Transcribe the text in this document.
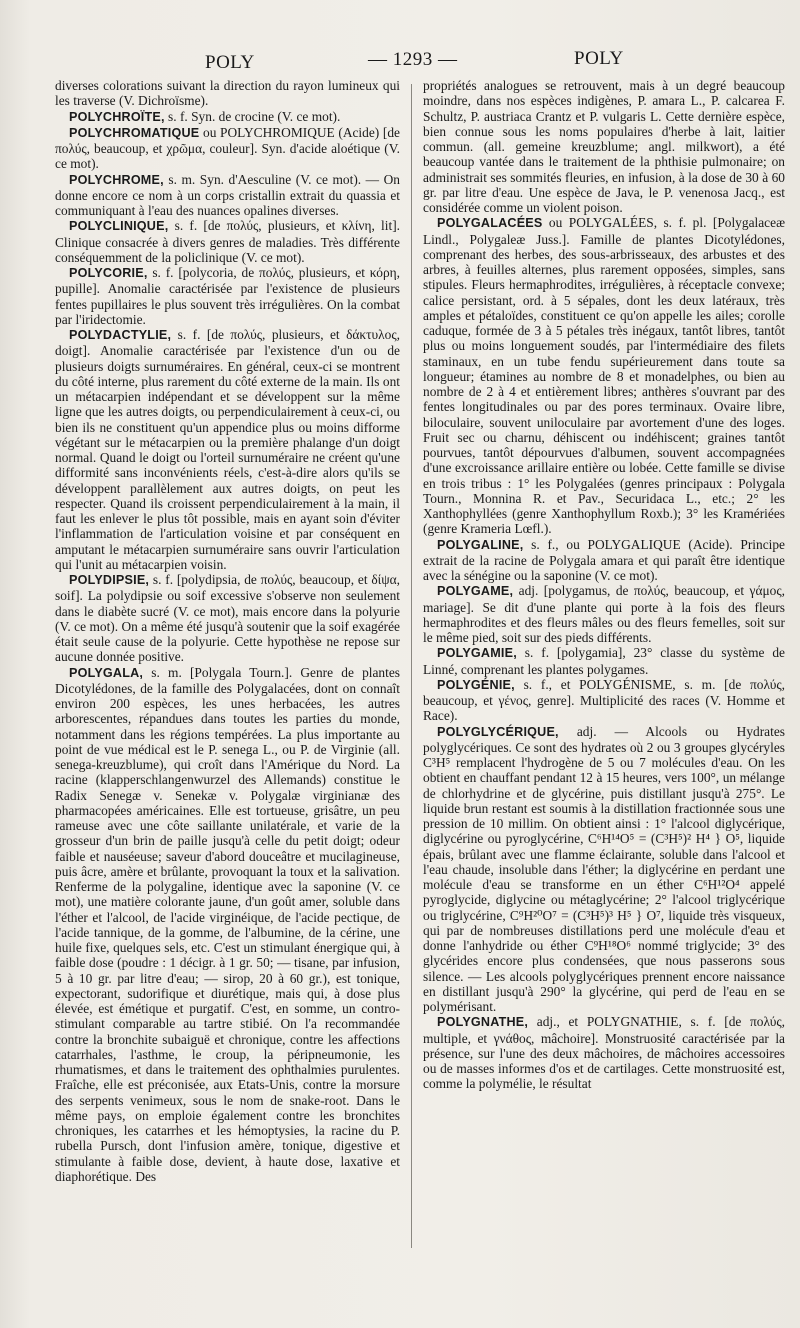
POLY	— 1293 —	POLY

diverses colorations suivant la direction du rayon lumineux qui les traverse (V. Dichroïsme).

POLYCHROÏTE, s. f. Syn. de crocine (V. ce mot).

POLYCHROMATIQUE ou POLYCHROMIQUE (Acide) [de πολύς, beaucoup, et χρῶμα, couleur]. Syn. d'acide aloétique (V. ce mot).

POLYCHROME, s. m. Syn. d'Aesculine (V. ce mot). — On donne encore ce nom à un corps cristallin extrait du quassia et communiquant à l'eau des nuances opalines diverses.

POLYCLINIQUE, s. f. [de πολύς, plusieurs, et κλίνη, lit]. Clinique consacrée à divers genres de maladies. Très différente conséquemment de la policlinique (V. ce mot).

POLYCORIE, s. f. [polycoria, de πολύς, plusieurs, et κόρη, pupille]. Anomalie caractérisée par l'existence de plusieurs fentes pupillaires le plus souvent très irrégulières. On la combat par l'iridectomie.

POLYDACTYLIE, s. f. [de πολύς, plusieurs, et δάκτυλος, doigt]. Anomalie caractérisée par l'existence d'un ou de plusieurs doigts surnuméraires. En général, ceux-ci se montrent du côté interne, plus rarement du côté externe de la main. Ils ont un métacarpien indépendant et se développent sur la même ligne que les autres doigts, ou perpendiculairement à ceux-ci, ou bien ils ne constituent qu'un appendice plus ou moins difforme végétant sur le métacarpien ou la première phalange d'un doigt normal. Quand le doigt ou l'orteil surnuméraire ne créent qu'une difformité sans inconvénients réels, c'est-à-dire alors qu'ils se développent parallèlement aux autres doigts, on peut les respecter. Quand ils croissent perpendiculairement à la main, il faut les enlever le plus tôt possible, mais en ayant soin d'éviter l'inflammation de l'articulation voisine et par conséquent en amputant le métacarpien surnuméraire sans ouvrir l'articulation qui l'unit au métacarpien voisin.

POLYDIPSIE, s. f. [polydipsia, de πολύς, beaucoup, et δίψα, soif]. La polydipsie ou soif excessive s'observe non seulement dans le diabète sucré (V. ce mot), mais encore dans la polyurie (V. ce mot). On a même été jusqu'à soutenir que la soif exagérée était seule cause de la polyurie. Cette hypothèse ne repose sur aucune donnée positive.

POLYGALA, s. m. [Polygala Tourn.]. Genre de plantes Dicotylédones, de la famille des Polygalacées, dont on connaît environ 200 espèces, les unes herbacées, les autres arborescentes, répandues dans toutes les parties du monde, notamment dans les régions tempérées. La plus importante au point de vue médical est le P. senega L., ou P. de Virginie (all. senega-kreuzblume), qui croît dans l'Amérique du Nord. La racine (klapperschlangenwurzel des Allemands) constitue le Radix Senegæ v. Senekæ v. Polygalæ virginianæ des pharmacopées américaines. Elle est tortueuse, grisâtre, un peu rameuse avec une côte saillante unilatérale, et varie de la grosseur d'un brin de paille jusqu'à celle du petit doigt; odeur faible et nauséeuse; saveur d'abord douceâtre et mucilagineuse, puis âcre, amère et brûlante, provoquant la toux et la salivation. Renferme de la polygaline, identique avec la saponine (V. ce mot), une matière colorante jaune, d'un goût amer, soluble dans l'éther et l'alcool, de l'acide virginéique, de l'acide pectique, de l'acide tannique, de la gomme, de l'albumine, de la cérine, une huile fixe, quelques sels, etc. C'est un stimulant énergique qui, à faible dose (poudre : 1 décigr. à 1 gr. 50; — tisane, par infusion, 5 à 10 gr. par litre d'eau; — sirop, 20 à 60 gr.), est tonique, expectorant, sudorifique et diurétique, mais qui, à dose plus élevée, est émétique et purgatif. C'est, en somme, un contro-stimulant comparable au tartre stibié. On l'a recommandée contre la bronchite subaiguë et chronique, contre les affections catarrhales, l'asthme, le croup, la péripneumonie, les rhumatismes, et dans le traitement des ophthalmies purulentes. Fraîche, elle est préconisée, aux Etats-Unis, contre la morsure des serpents venimeux, sous le nom de snake-root. Dans le même pays, on emploie également contre les bronchites chroniques, les catarrhes et les hémoptysies, la racine du P. rubella Pursch, dont l'infusion amère, tonique, digestive et stimulante à faible dose, devient, à haute dose, laxative et diaphorétique. Des

propriétés analogues se retrouvent, mais à un degré beaucoup moindre, dans nos espèces indigènes, P. amara L., P. calcarea F. Schultz, P. austriaca Crantz et P. vulgaris L. Cette dernière espèce, bien connue sous les noms populaires d'herbe à lait, laitier commun. (all. gemeine kreuzblume; angl. milkwort), a été beaucoup vantée dans le traitement de la phthisie pulmonaire; on administrait ses sommités fleuries, en infusion, à la dose de 30 à 60 gr. par litre d'eau. Une espèce de Java, le P. venenosa Jacq., est considérée comme un violent poison.

POLYGALACÉES ou POLYGALÉES, s. f. pl. [Polygalaceæ Lindl., Polygaleæ Juss.]. Famille de plantes Dicotylédones, comprenant des herbes, des sous-arbrisseaux, des arbustes et des arbres, à feuilles alternes, plus rarement opposées, simples, sans stipules. Fleurs hermaphrodites, irrégulières, à réceptacle convexe; calice persistant, ord. à 5 sépales, dont les deux latéraux, très amples et pétaloïdes, constituent ce qu'on appelle les ailes; corolle caduque, formée de 3 à 5 pétales très inégaux, tantôt libres, tantôt plus ou moins longuement soudés, par l'intermédiaire des filets staminaux, en un tube fendu supérieurement dans toute sa longueur; étamines au nombre de 8 et monadelphes, ou bien au nombre de 2 à 4 et entièrement libres; anthères s'ouvrant par des fentes longitudinales ou par des pores terminaux. Ovaire libre, biloculaire, souvent uniloculaire par avortement d'une des loges. Fruit sec ou charnu, déhiscent ou indéhiscent; graines tantôt pourvues, tantôt dépourvues d'albumen, souvent accompagnées d'une excroissance arillaire entière ou lobée. Cette famille se divise en trois tribus : 1° les Polygalées (genres principaux : Polygala Tourn., Monnina R. et Pav., Securidaca L., etc.; 2° les Xanthophyllées (genre Xanthophyllum Roxb.); 3° les Kramériées (genre Krameria Lœfl.).

POLYGALINE, s. f., ou POLYGALIQUE (Acide). Principe extrait de la racine de Polygala amara et qui paraît être identique avec la sénégine ou la saponine (V. ce mot).

POLYGAME, adj. [polygamus, de πολύς, beaucoup, et γάμος, mariage]. Se dit d'une plante qui porte à la fois des fleurs hermaphrodites et des fleurs mâles ou des fleurs femelles, soit sur le même pied, soit sur des pieds différents.

POLYGAMIE, s. f. [polygamia], 23° classe du système de Linné, comprenant les plantes polygames.

POLYGÉNIE, s. f., et POLYGÉNISME, s. m. [de πολύς, beaucoup, et γένος, genre]. Multiplicité des races (V. Homme et Race).

POLYGLYCÉRIQUE, adj. — Alcools ou Hydrates polyglycériques. Ce sont des hydrates où 2 ou 3 groupes glycéryles C³H⁵ remplacent l'hydrogène de 5 ou 7 molécules d'eau. On les obtient en chauffant pendant 12 à 15 heures, vers 100°, un mélange de chlorhydrine et de glycérine, puis distillant jusqu'à 275°. Le liquide brun restant est soumis à la distillation fractionnée sous une pression de 10 millim. On obtient ainsi : 1° l'alcool diglycérique, diglycérine ou pyroglycérine, C⁶H¹⁴O⁵ = (C³H⁵)² H⁴ } O⁵, liquide épais, brûlant avec une flamme éclairante, soluble dans l'alcool et l'eau chaude, insoluble dans l'éther; la diglycérine en perdant une molécule d'eau se transforme en un éther C⁶H¹²O⁴ appelé pyroglycide, diglycine ou métaglycérine; 2° l'alcool triglycérique ou triglycérine, C⁹H²⁰O⁷ = (C³H⁵)³ H⁵ } O⁷, liquide très visqueux, qui par de nombreuses distillations perd une molécule d'eau et donne l'anhydride ou éther C⁹H¹⁸O⁶ nommé triglycide; 3° des glycérides encore plus condensées, que nous passerons sous silence. — Les alcools polyglycériques prennent encore naissance en distillant jusqu'à 290° la glycérine, qui perd de l'eau en se polymérisant.

POLYGNATHE, adj., et POLYGNATHIE, s. f. [de πολύς, multiple, et γνάθος, mâchoire]. Monstruosité caractérisée par la présence, sur l'une des deux mâchoires, de mâchoires accessoires ou de masses informes d'os et de cartilages. Cette monstruosité est, comme la polymélie, le résultat
